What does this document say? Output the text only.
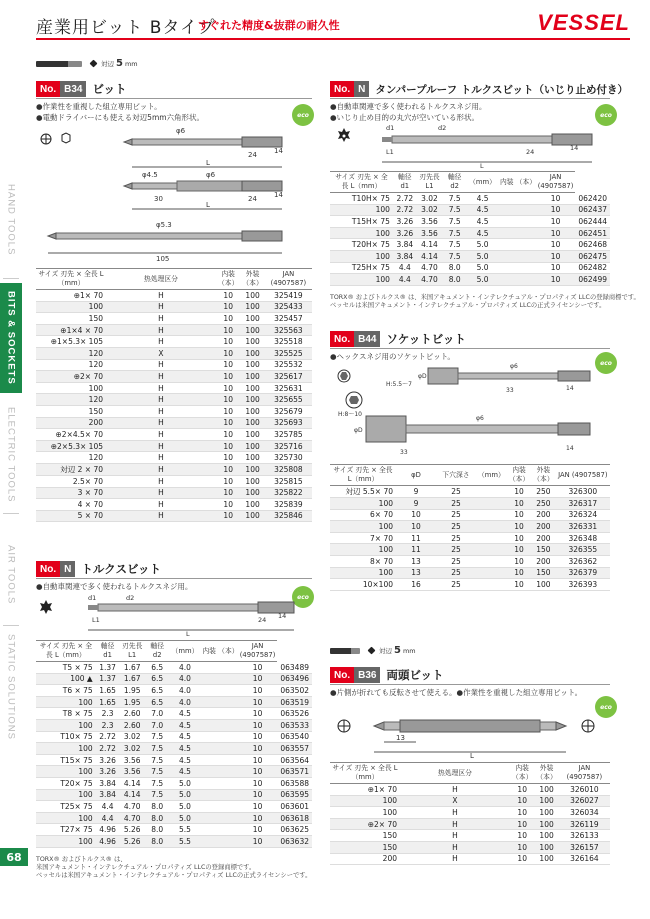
産業用ビット Bタイプ
すぐれた精度&抜群の耐久性	VESSEL
HAND TOOLS
BITS & SOCKETS
ELECTRIC TOOLS
AIR TOOLS
STATIC SOLUTIONS
68
対辺 5 mm
No. B34 ビット
●作業性を重視した組立専用ビット。
●電動ドライバーにも使える対辺5mm六角形状。	eco
φ6
24 14
L
φ4.5	φ6
30	24 14
L
φ5.3
105
サイズ 刃先 × 全長 L（mm）	热処理区分	内装 （本）	外装 （本）	JAN (4907587)
⊕1× 70	H	10	100	325419
100	H	10	100	325433
150	H	10	100	325457
⊕1×4 × 70	H	10	100	325563
⊕1×5.3× 105	H	10	100	325518
120	X	10	100	325525
120	H	10	100	325532
⊕2× 70	H	10	100	325617
100	H	10	100	325631
120	H	10	100	325655
150	H	10	100	325679
200	H	10	100	325693
⊕2×4.5× 70	H	10	100	325785
⊕2×5.3× 105	H	10	100	325716
120	H	10	100	325730
対辺 2 × 70	H	10	100	325808
2.5× 70	H	10	100	325815
3 × 70	H	10	100	325822
4 × 70	H	10	100	325839
5 × 70	H	10	100	325846
No. N トルクスビット
●自動車関連で多く使われるトルクスネジ用。
eco
d1	d2
L1	24 14
L
サイズ 刃先 × 全長 L（mm）	軸径 d1	刃先長 L1	軸径 d2	（mm）	内装 （本）	JAN (4907587)	
T5 × 75	1.37	1.67	6.5	4.0		10	063489
100 ▲	1.37	1.67	6.5	4.0		10	063496
T6 × 75	1.65	1.95	6.5	4.0		10	063502
100	1.65	1.95	6.5	4.0		10	063519
T8 × 75	2.3	2.60	7.0	4.5		10	063526
100	2.3	2.60	7.0	4.5		10	063533
T10× 75	2.72	3.02	7.5	4.5		10	063540
100	2.72	3.02	7.5	4.5		10	063557
T15× 75	3.26	3.56	7.5	4.5		10	063564
100	3.26	3.56	7.5	4.5		10	063571
T20× 75	3.84	4.14	7.5	5.0		10	063588
100	3.84	4.14	7.5	5.0		10	063595
T25× 75	4.4	4.70	8.0	5.0		10	063601
100	4.4	4.70	8.0	5.0		10	063618
T27× 75	4.96	5.26	8.0	5.5		10	063625
100	4.96	5.26	8.0	5.5		10	063632
TORX® およびトルクス® は、
米国アキュメント・インテレクチュアル・プロパティズ LLCの登録商標です。
ベッセルは米国アキュメント・インテレクチュアル・プロパティズ LLCの正式ライセンシーです。
No. N タンパープルーフ トルクスビット（いじり止め付き）
●自動車関連で多く使われるトルクスネジ用。
●いじり止め目的の丸穴が空いている形状。	eco
d1	d2
L1	24	14
L
サイズ 刃先 × 全長 L（mm）	軸径 d1	刃先長 L1	軸径 d2	（mm）	内装 （本）	JAN (4907587)	
T10H× 75	2.72	3.02	7.5	4.5		10	062420
100	2.72	3.02	7.5	4.5		10	062437
T15H× 75	3.26	3.56	7.5	4.5		10	062444
100	3.26	3.56	7.5	4.5		10	062451
T20H× 75	3.84	4.14	7.5	5.0		10	062468
100	3.84	4.14	7.5	5.0		10	062475
T25H× 75	4.4	4.70	8.0	5.0		10	062482
100	4.4	4.70	8.0	5.0		10	062499
TORX® およびトルクス® は、米国アキュメント・インテレクチュアル・プロパティズ LLCの登録商標です。
ベッセルは米国アキュメント・インテレクチュアル・プロパティズ LLCの正式ライセンシーです。
No. B44 ソケットビット
●ヘックスネジ用のソケットビット。
eco
φ6
φD
H:5.5～7
33	14
H:8～10
φ6
φD
33
14
サイズ 刃先 × 全長 L（mm）	φD	下穴深さ	（mm）	内装 （本）	外装 （本）	JAN (4907587)
対辺 5.5× 70	9	25		10	250	326300
100	9	25		10	250	326317
6× 70	10	25		10	200	326324
100	10	25		10	200	326331
7× 70	11	25		10	200	326348
100	11	25		10	150	326355
8× 70	13	25		10	200	326362
100	13	25		10	150	326379
10×100	16	25		10	100	326393
対辺 5 mm
No. B36 両頭ビット
●片側が折れても反転させて使える。●作業性を重視した組立専用ビット。
eco
13
L
サイズ 刃先 × 全長 L（mm）	热処理区分	内装 （本）	外装 （本）	JAN (4907587)
⊕1× 70	H	10	100	326010
100	X	10	100	326027
100	H	10	100	326034
⊕2× 70	H	10	100	326119
150	H	10	100	326133
150	H	10	100	326157
200	H	10	100	326164
